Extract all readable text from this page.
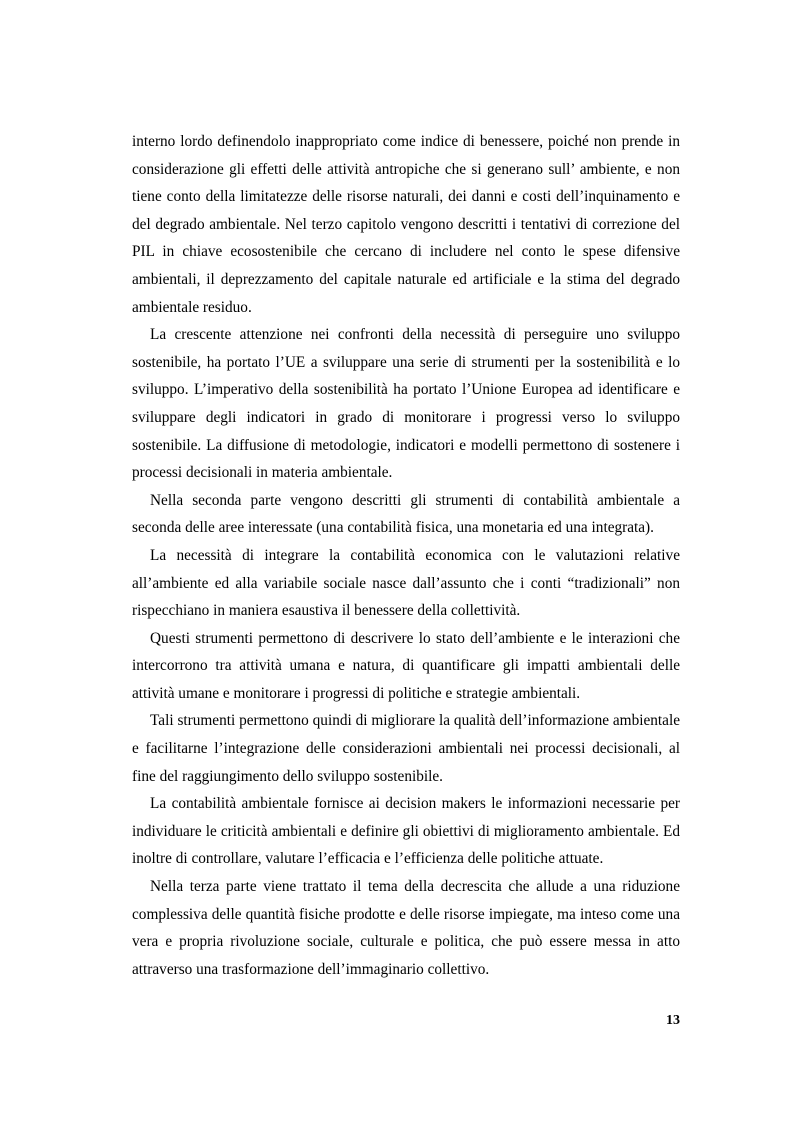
interno lordo definendolo inappropriato come indice di benessere, poiché non prende in considerazione gli effetti delle attività antropiche che si generano sull’ ambiente, e non tiene conto della limitatezze delle risorse naturali, dei danni e costi dell’inquinamento e del degrado ambientale. Nel terzo capitolo vengono descritti i tentativi di correzione del PIL in chiave ecosostenibile che cercano di includere nel conto le spese difensive ambientali, il deprezzamento del capitale naturale ed artificiale e la stima del degrado ambientale residuo.

La crescente attenzione nei confronti della necessità di perseguire uno sviluppo sostenibile, ha portato l’UE a sviluppare una serie di strumenti per la sostenibilità e lo sviluppo. L’imperativo della sostenibilità ha portato l’Unione Europea ad identificare e sviluppare degli indicatori in grado di monitorare i progressi verso lo sviluppo sostenibile. La diffusione di metodologie, indicatori e modelli permettono di sostenere i processi decisionali in materia ambientale.

Nella seconda parte vengono descritti gli strumenti di contabilità ambientale a seconda delle aree interessate (una contabilità fisica, una monetaria ed una integrata).

La necessità di integrare la contabilità economica con le valutazioni relative all’ambiente ed alla variabile sociale nasce dall’assunto che i conti “tradizionali” non rispecchiano in maniera esaustiva il benessere della collettività.

Questi strumenti permettono di descrivere lo stato dell’ambiente e le interazioni che intercorrono tra attività umana e natura, di quantificare gli impatti ambientali delle attività umane e monitorare i progressi di politiche e strategie ambientali.

Tali strumenti permettono quindi di migliorare la qualità dell’informazione ambientale e facilitarne l’integrazione delle considerazioni ambientali nei processi decisionali, al fine del raggiungimento dello sviluppo sostenibile.

La contabilità ambientale fornisce ai decision makers le informazioni necessarie per individuare le criticità ambientali e definire gli obiettivi di miglioramento ambientale. Ed inoltre di controllare, valutare l’efficacia e l’efficienza delle politiche attuate.

Nella terza parte viene trattato il tema della decrescita che allude a una riduzione complessiva delle quantità fisiche prodotte e delle risorse impiegate, ma inteso come una vera e propria rivoluzione sociale, culturale e politica, che può essere messa in atto attraverso una trasformazione dell’immaginario collettivo.

13
